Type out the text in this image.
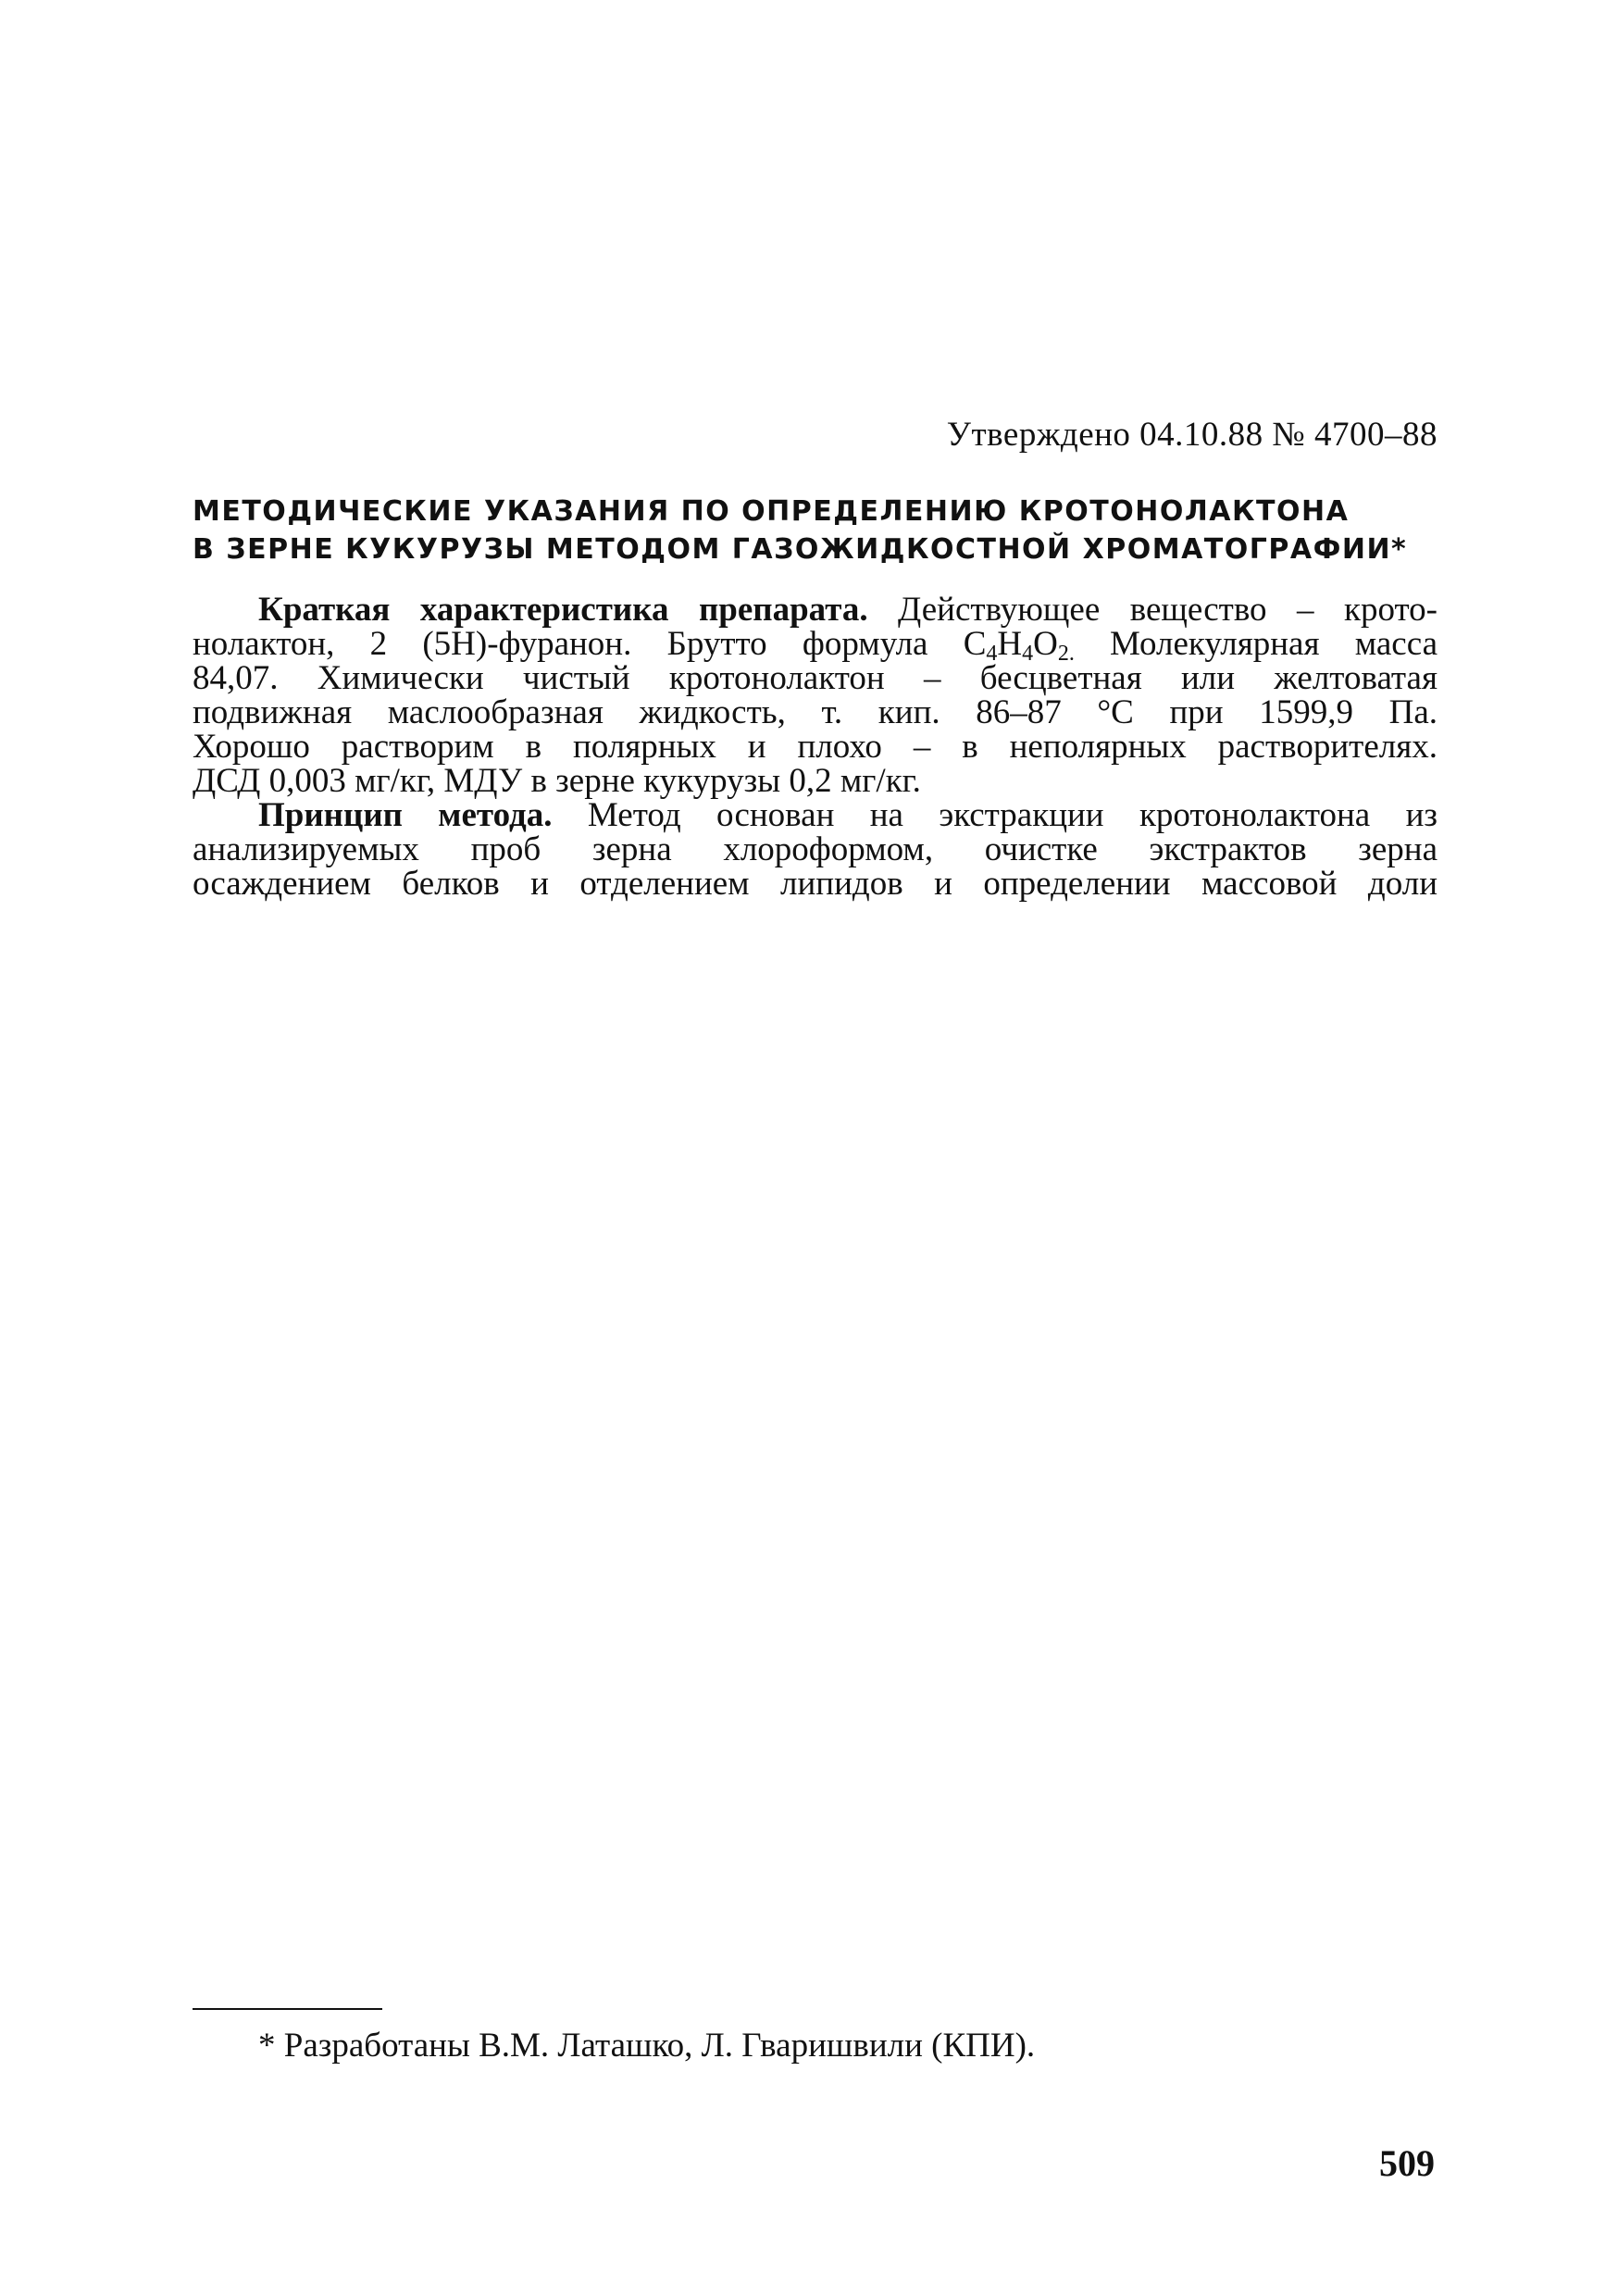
Утверждено 04.10.88 № 4700–88
МЕТОДИЧЕСКИЕ УКАЗАНИЯ ПО ОПРЕДЕЛЕНИЮ КРОТОНОЛАКТОНА
В ЗЕРНЕ КУКУРУЗЫ МЕТОДОМ ГАЗОЖИДКОСТНОЙ ХРОМАТОГРАФИИ*
Краткая характеристика препарата. Действующее вещество – крото-
нолактон, 2 (5Н)-фуранон. Брутто формула $C_4H_4O_{2.}$ Молекулярная масса
84,07. Химически чистый кротонолактон – бесцветная или желтоватая
подвижная маслообразная жидкость, т. кип. 86–87 °С при 1599,9 Па.
Хорошо растворим в полярных и плохо – в неполярных растворителях.
ДСД 0,003 мг/кг, МДУ в зерне кукурузы 0,2 мг/кг.
Принцип метода. Метод основан на экстракции кротонолактона из
анализируемых проб зерна хлороформом, очистке экстрактов зерна
осаждением белков и отделением липидов и определении массовой доли
* Разработаны В.М. Латашко, Л. Гваришвили (КПИ).
509
